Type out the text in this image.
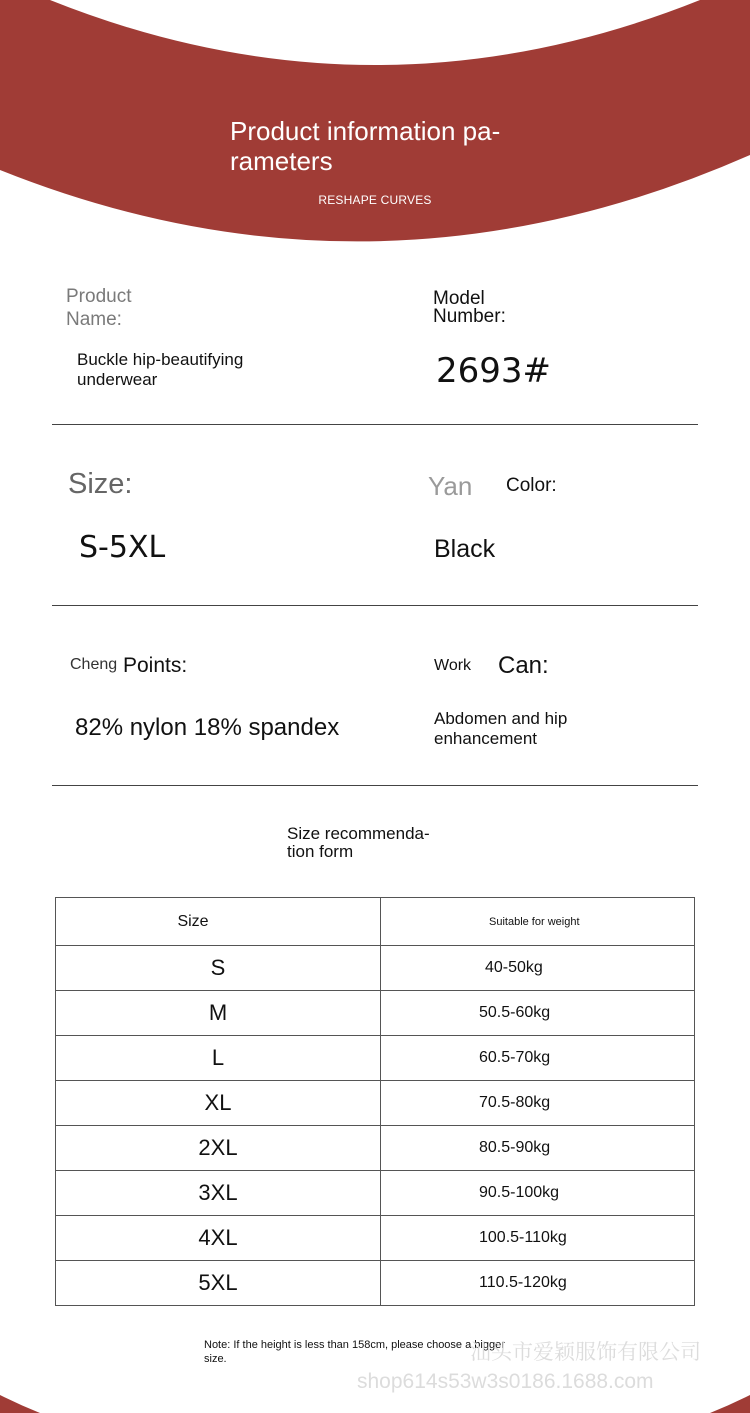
Product information pa-
rameters
RESHAPE CURVES
Product
Name:
Buckle hip-beautifying
underwear
Model
Number:
2693#
Size:
S-5XL
Yan Color:
Black
Cheng Points:
82% nylon 18% spandex
Work Can:
Abdomen and hip
enhancement
Size recommenda-
tion form
Size	Suitable for weight
S	40-50kg
M	50.5-60kg
L	60.5-70kg
XL	70.5-80kg
2XL	80.5-90kg
3XL	90.5-100kg
4XL	100.5-110kg
5XL	110.5-120kg
Note: If the height is less than 158cm, please choose a bigger
size.	汕头市爱颖服饰有限公司
shop614s53w3s0186.1688.com
